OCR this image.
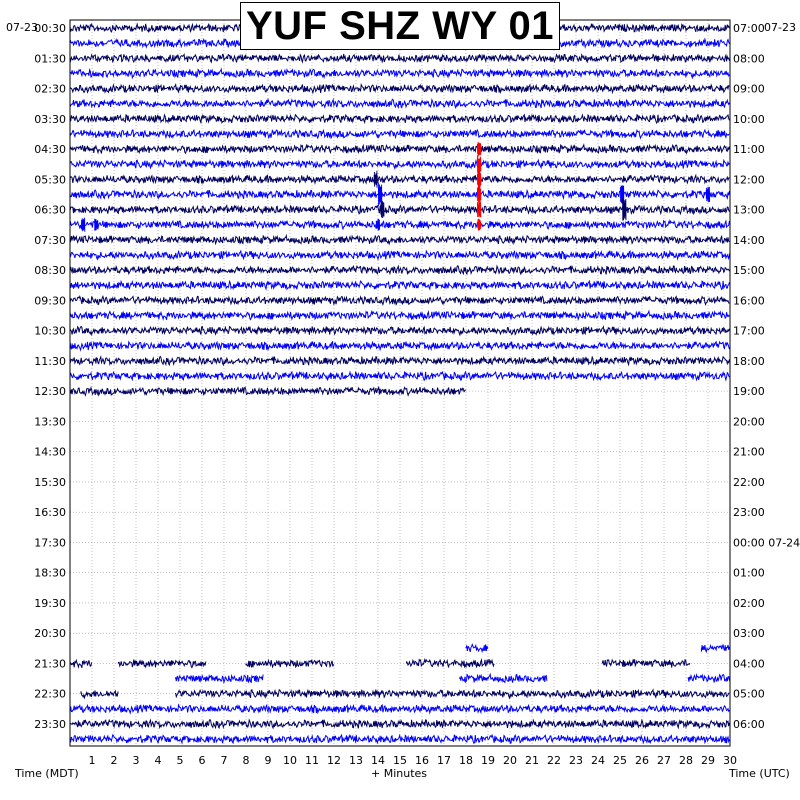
00:30
01:30
02:30
03:30
04:30
05:30
06:30
07:30
08:30
09:30
10:30
11:30
12:30
13:30
14:30
15:30
16:30
17:30
18:30
19:30
20:30
21:30
22:30
23:30
07:00
08:00
09:00
10:00
11:00
12:00
13:00
14:00
15:00
16:00
17:00
18:00
19:00
20:00
21:00
22:00
23:00
00:00 07-24
01:00
02:00
03:00
04:00
05:00
06:00
1 2 3 4 5 6 7 8 9 10 11 12 13 14 15 16 17 18 19 20 21 22 23 24 25 26 27 28 29 30
07-23	07-23
Time (MDT)	+ Minutes	Time (UTC)
YUF SHZ WY 01
